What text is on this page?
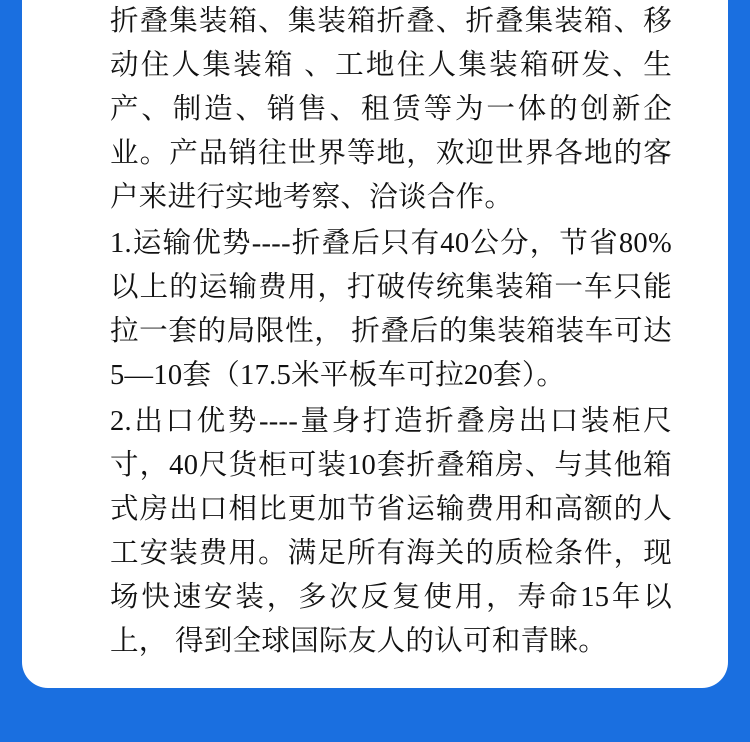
折叠集装箱、集装箱折叠、折叠集装箱、移动住人集装箱 、工地住人集装箱研发、生产、制造、销售、租赁等为一体的创新企业。产品销往世界等地，欢迎世界各地的客户来进行实地考察、洽谈合作。

1.运输优势----折叠后只有40公分，节省80%以上的运输费用，打破传统集装箱一车只能拉一套的局限性， 折叠后的集装箱装车可达5—10套（17.5米平板车可拉20套）。

2.出口优势----量身打造折叠房出口装柜尺寸，40尺货柜可装10套折叠箱房、与其他箱式房出口相比更加节省运输费用和高额的人工安装费用。满足所有海关的质检条件，现场快速安装，多次反复使用，寿命15年以上， 得到全球国际友人的认可和青睐。
